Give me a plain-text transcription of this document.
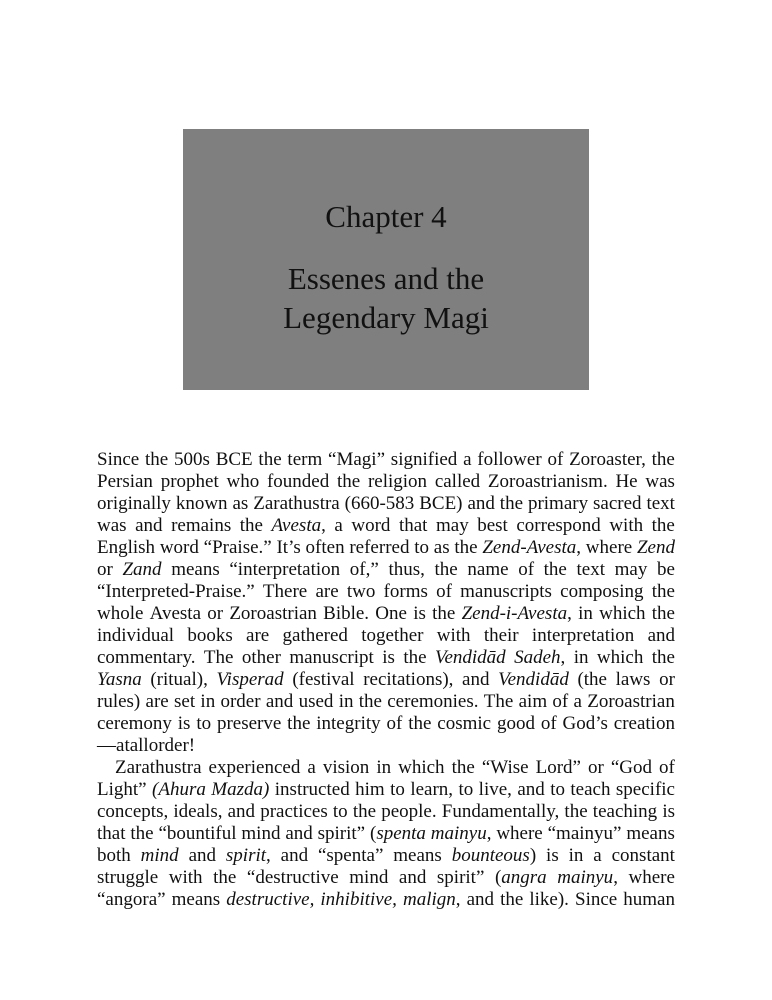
Chapter 4
Essenes and the
Legendary Magi
Since the 500s BCE the term “Magi” signified a follower of Zoroaster, the
Persian prophet who founded the religion called Zoroastrianism. He was
originally known as Zarathustra (660-583 BCE) and the primary sacred text
was and remains the Avesta, a word that may best correspond with the
English word “Praise.” It’s often referred to as the Zend-Avesta, where Zend
or Zand means “interpretation of,” thus, the name of the text may be
“Interpreted-Praise.” There are two forms of manuscripts composing the
whole Avesta or Zoroastrian Bible. One is the Zend-i-Avesta, in which the
individual books are gathered together with their interpretation and
commentary. The other manuscript is the Vendidād Sadeh, in which the
Yasna (ritual), Visperad (festival recitations), and Vendidād (the laws or
rules) are set in order and used in the ceremonies. The aim of a Zoroastrian
ceremony is to preserve the integrity of the cosmic good of God’s creation
—a tall order!
Zarathustra experienced a vision in which the “Wise Lord” or “God of
Light” (Ahura Mazda) instructed him to learn, to live, and to teach specific
concepts, ideals, and practices to the people. Fundamentally, the teaching is
that the “bountiful mind and spirit” (spenta mainyu, where “mainyu” means
both mind and spirit, and “spenta” means bounteous) is in a constant
struggle with the “destructive mind and spirit” (angra mainyu, where
“angora” means destructive, inhibitive, malign, and the like). Since human
